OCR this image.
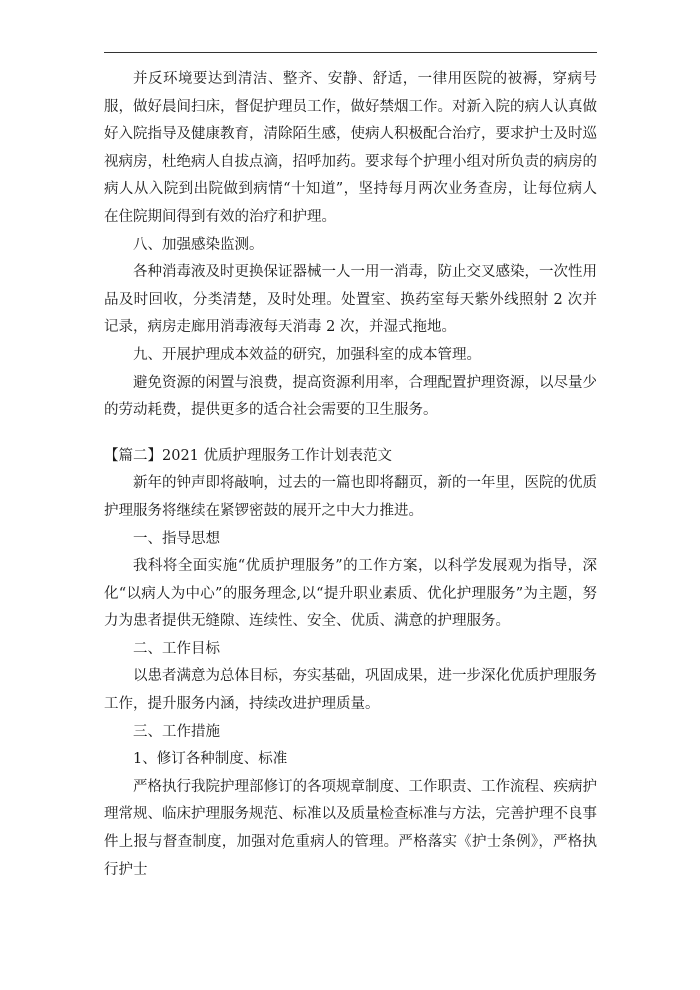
并反环境要达到清洁、整齐、安静、舒适，一律用医院的被褥，穿病号服，做好晨间扫床，督促护理员工作，做好禁烟工作。对新入院的病人认真做好入院指导及健康教育，清除陌生感，使病人积极配合治疗，要求护士及时巡视病房，杜绝病人自拔点滴，招呼加药。要求每个护理小组对所负责的病房的病人从入院到出院做到病情“十知道”，坚持每月两次业务查房，让每位病人在住院期间得到有效的治疗和护理。

八、加强感染监测。

各种消毒液及时更换保证器械一人一用一消毒，防止交叉感染，一次性用品及时回收，分类清楚，及时处理。处置室、换药室每天紫外线照射 2 次并记录，病房走廊用消毒液每天消毒 2 次，并湿式拖地。

九、开展护理成本效益的研究，加强科室的成本管理。

避免资源的闲置与浪费，提高资源利用率，合理配置护理资源，以尽量少的劳动耗费，提供更多的适合社会需要的卫生服务。

【篇二】2021 优质护理服务工作计划表范文

新年的钟声即将敲响，过去的一篇也即将翻页，新的一年里，医院的优质护理服务将继续在紧锣密鼓的展开之中大力推进。

一、指导思想

我科将全面实施“优质护理服务”的工作方案，以科学发展观为指导，深化“以病人为中心”的服务理念,以“提升职业素质、优化护理服务”为主题，努力为患者提供无缝隙、连续性、安全、优质、满意的护理服务。

二、工作目标

以患者满意为总体目标，夯实基础，巩固成果，进一步深化优质护理服务工作，提升服务内涵，持续改进护理质量。

三、工作措施

1、修订各种制度、标准

严格执行我院护理部修订的各项规章制度、工作职责、工作流程、疾病护理常规、临床护理服务规范、标准以及质量检查标准与方法，完善护理不良事件上报与督查制度，加强对危重病人的管理。严格落实《护士条例》，严格执行护士
